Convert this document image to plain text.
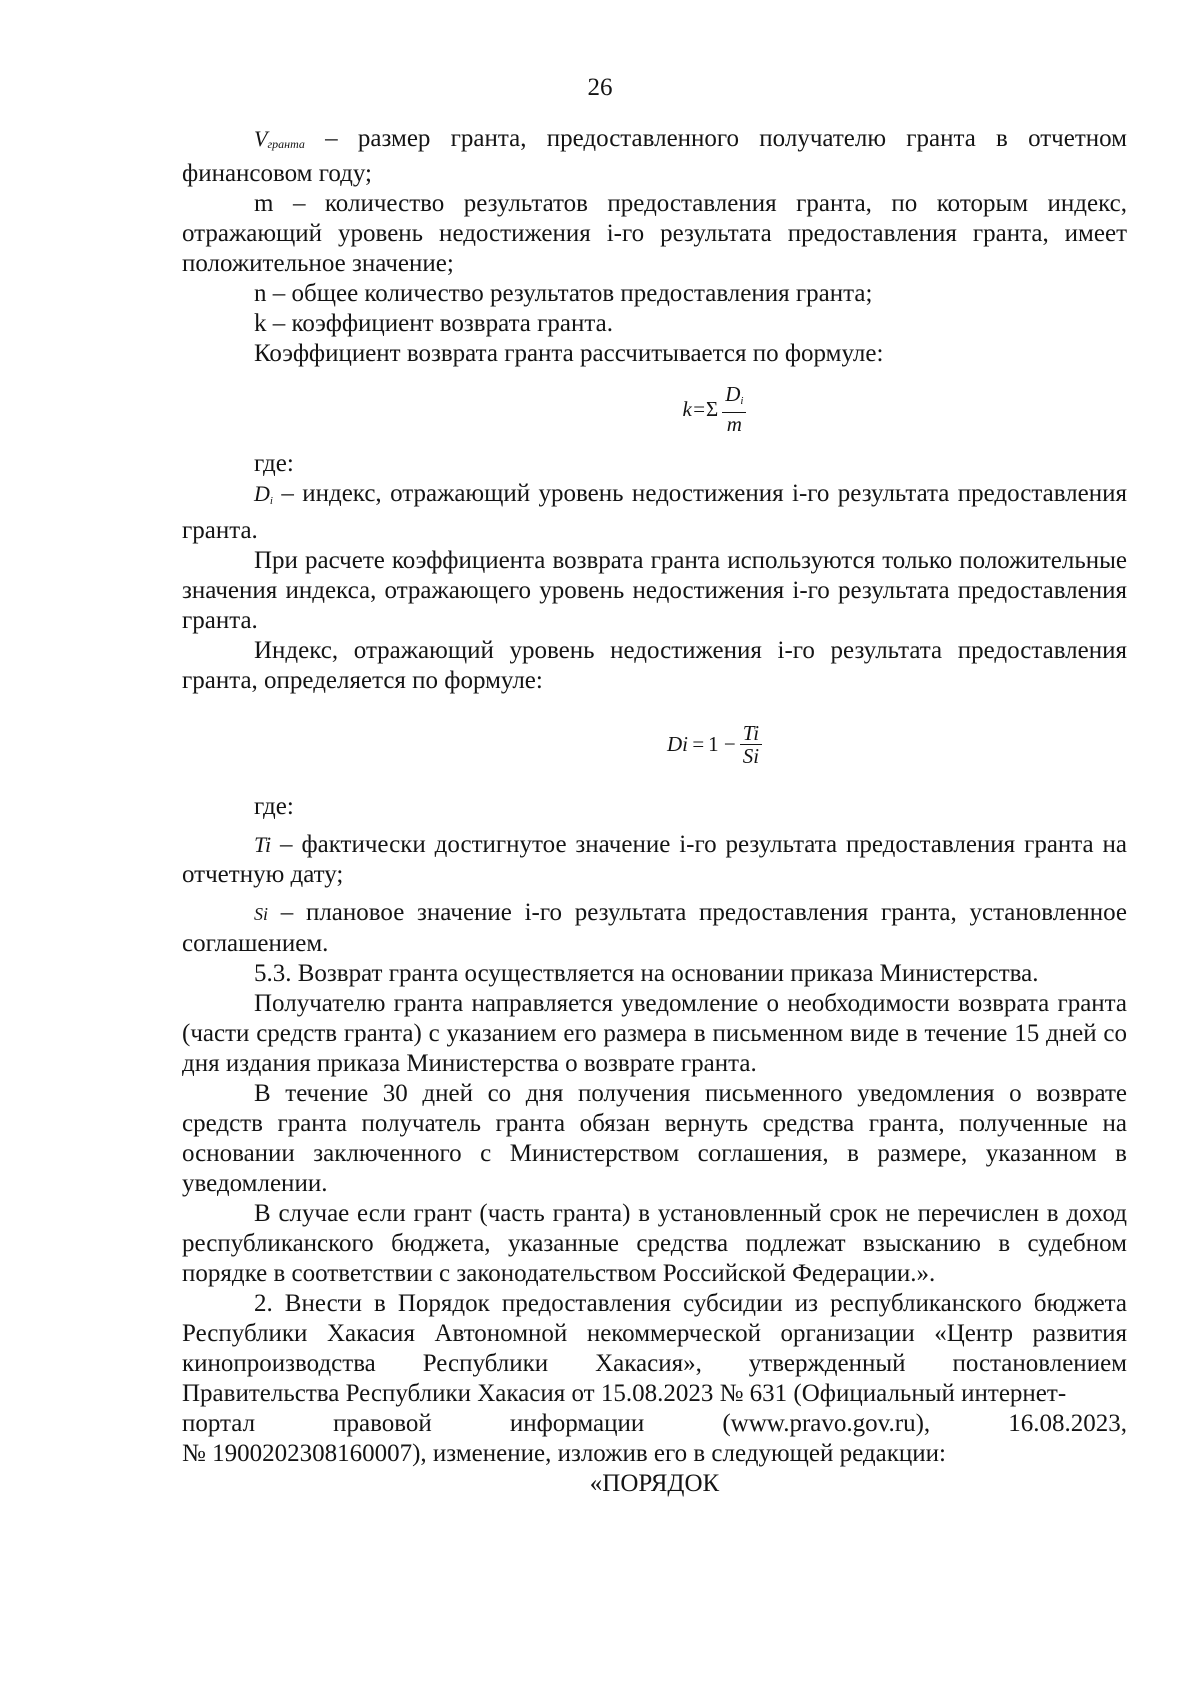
26

Vгранта – размер гранта, предоставленного получателю гранта в отчетном финансовом году;

m – количество результатов предоставления гранта, по которым индекс, отражающий уровень недостижения i-го результата предоставления гранта, имеет положительное значение;

n – общее количество результатов предоставления гранта;

k – коэффициент возврата гранта.

Коэффициент возврата гранта рассчитывается по формуле:

k = Σ $\frac{Di}{m}$

где:

Di – индекс, отражающий уровень недостижения i-го результата предоставления гранта.

При расчете коэффициента возврата гранта используются только положительные значения индекса, отражающего уровень недостижения i-го результата предоставления гранта.

Индекс, отражающий уровень недостижения i-го результата предоставления гранта, определяется по формуле:

$Di = 1 - \frac{Ti}{Si}$

где:

Ti – фактически достигнутое значение i-го результата предоставления гранта на отчетную дату;

Si – плановое значение i-го результата предоставления гранта, установленное соглашением.

5.3. Возврат гранта осуществляется на основании приказа Министерства.

Получателю гранта направляется уведомление о необходимости возврата гранта (части средств гранта) с указанием его размера в письменном виде в течение 15 дней со дня издания приказа Министерства о возврате гранта.

В течение 30 дней со дня получения письменного уведомления о возврате средств гранта получатель гранта обязан вернуть средства гранта, полученные на основании заключенного с Министерством соглашения, в размере, указанном в уведомлении.

В случае если грант (часть гранта) в установленный срок не перечислен в доход республиканского бюджета, указанные средства подлежат взысканию в судебном порядке в соответствии с законодательством Российской Федерации.».

2. Внести в Порядок предоставления субсидии из республиканского бюджета Республики Хакасия Автономной некоммерческой организации «Центр развития кинопроизводства Республики Хакасия», утвержденный постановлением Правительства Республики Хакасия от 15.08.2023 № 631 (Официальный интернет-

портал	правовой	информации	(www.pravo.gov.ru),	16.08.2023,

№ 1900202308160007), изменение, изложив его в следующей редакции:

«ПОРЯДОК
